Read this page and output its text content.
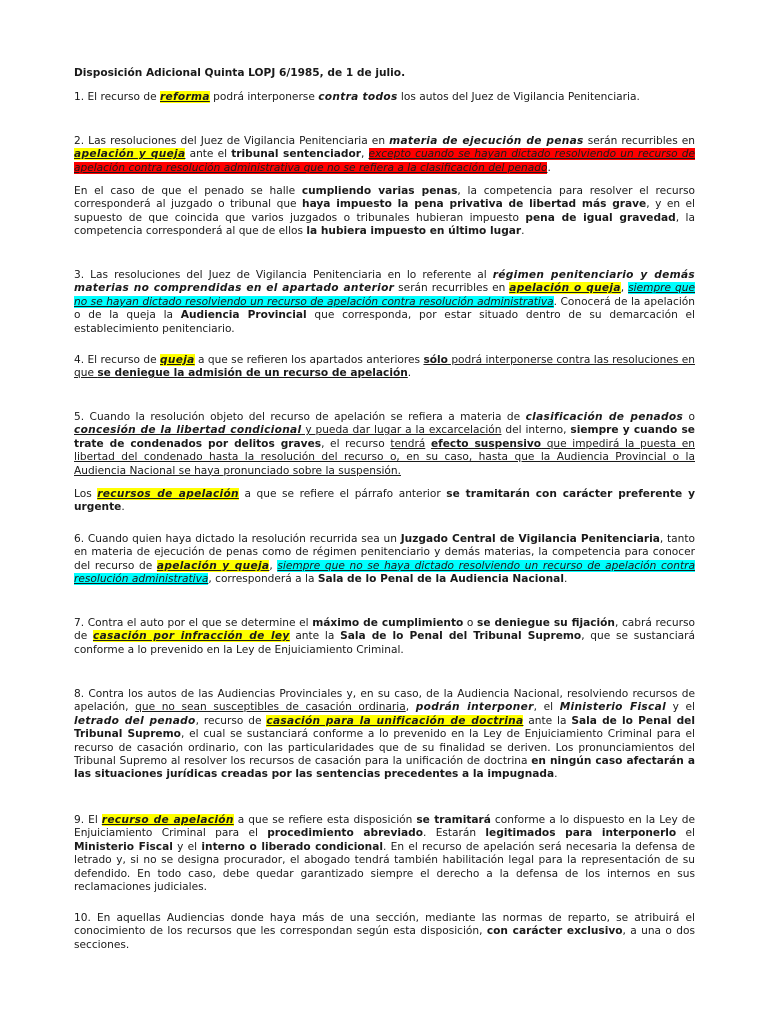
Disposición Adicional Quinta LOPJ 6/1985, de 1 de julio.

1. El recurso de reforma podrá interponerse contra todos los autos del Juez de Vigilancia Penitenciaria.

2. Las resoluciones del Juez de Vigilancia Penitenciaria en materia de ejecución de penas serán recurribles en apelación y queja ante el tribunal sentenciador, excepto cuando se hayan dictado resolviendo un recurso de apelación contra resolución administrativa que no se refiera a la clasificación del penado.

En el caso de que el penado se halle cumpliendo varias penas, la competencia para resolver el recurso corresponderá al juzgado o tribunal que haya impuesto la pena privativa de libertad más grave, y en el supuesto de que coincida que varios juzgados o tribunales hubieran impuesto pena de igual gravedad, la competencia corresponderá al que de ellos la hubiera impuesto en último lugar.

3. Las resoluciones del Juez de Vigilancia Penitenciaria en lo referente al régimen penitenciario y demás materias no comprendidas en el apartado anterior serán recurribles en apelación o queja, siempre que no se hayan dictado resolviendo un recurso de apelación contra resolución administrativa. Conocerá de la apelación o de la queja la Audiencia Provincial que corresponda, por estar situado dentro de su demarcación el establecimiento penitenciario.

4. El recurso de queja a que se refieren los apartados anteriores sólo podrá interponerse contra las resoluciones en que se deniegue la admisión de un recurso de apelación.

5. Cuando la resolución objeto del recurso de apelación se refiera a materia de clasificación de penados o concesión de la libertad condicional y pueda dar lugar a la excarcelación del interno, siempre y cuando se trate de condenados por delitos graves, el recurso tendrá efecto suspensivo que impedirá la puesta en libertad del condenado hasta la resolución del recurso o, en su caso, hasta que la Audiencia Provincial o la Audiencia Nacional se haya pronunciado sobre la suspensión.

Los recursos de apelación a que se refiere el párrafo anterior se tramitarán con carácter preferente y urgente.

6. Cuando quien haya dictado la resolución recurrida sea un Juzgado Central de Vigilancia Penitenciaria, tanto en materia de ejecución de penas como de régimen penitenciario y demás materias, la competencia para conocer del recurso de apelación y queja, siempre que no se haya dictado resolviendo un recurso de apelación contra resolución administrativa, corresponderá a la Sala de lo Penal de la Audiencia Nacional.

7. Contra el auto por el que se determine el máximo de cumplimiento o se deniegue su fijación, cabrá recurso de casación por infracción de ley ante la Sala de lo Penal del Tribunal Supremo, que se sustanciará conforme a lo prevenido en la Ley de Enjuiciamiento Criminal.

8. Contra los autos de las Audiencias Provinciales y, en su caso, de la Audiencia Nacional, resolviendo recursos de apelación, que no sean susceptibles de casación ordinaria, podrán interponer, el Ministerio Fiscal y el letrado del penado, recurso de casación para la unificación de doctrina ante la Sala de lo Penal del Tribunal Supremo, el cual se sustanciará conforme a lo prevenido en la Ley de Enjuiciamiento Criminal para el recurso de casación ordinario, con las particularidades que de su finalidad se deriven. Los pronunciamientos del Tribunal Supremo al resolver los recursos de casación para la unificación de doctrina en ningún caso afectarán a las situaciones jurídicas creadas por las sentencias precedentes a la impugnada.

9. El recurso de apelación a que se refiere esta disposición se tramitará conforme a lo dispuesto en la Ley de Enjuiciamiento Criminal para el procedimiento abreviado. Estarán legitimados para interponerlo el Ministerio Fiscal y el interno o liberado condicional. En el recurso de apelación será necesaria la defensa de letrado y, si no se designa procurador, el abogado tendrá también habilitación legal para la representación de su defendido. En todo caso, debe quedar garantizado siempre el derecho a la defensa de los internos en sus reclamaciones judiciales.

10. En aquellas Audiencias donde haya más de una sección, mediante las normas de reparto, se atribuirá el conocimiento de los recursos que les correspondan según esta disposición, con carácter exclusivo, a una o dos secciones.
